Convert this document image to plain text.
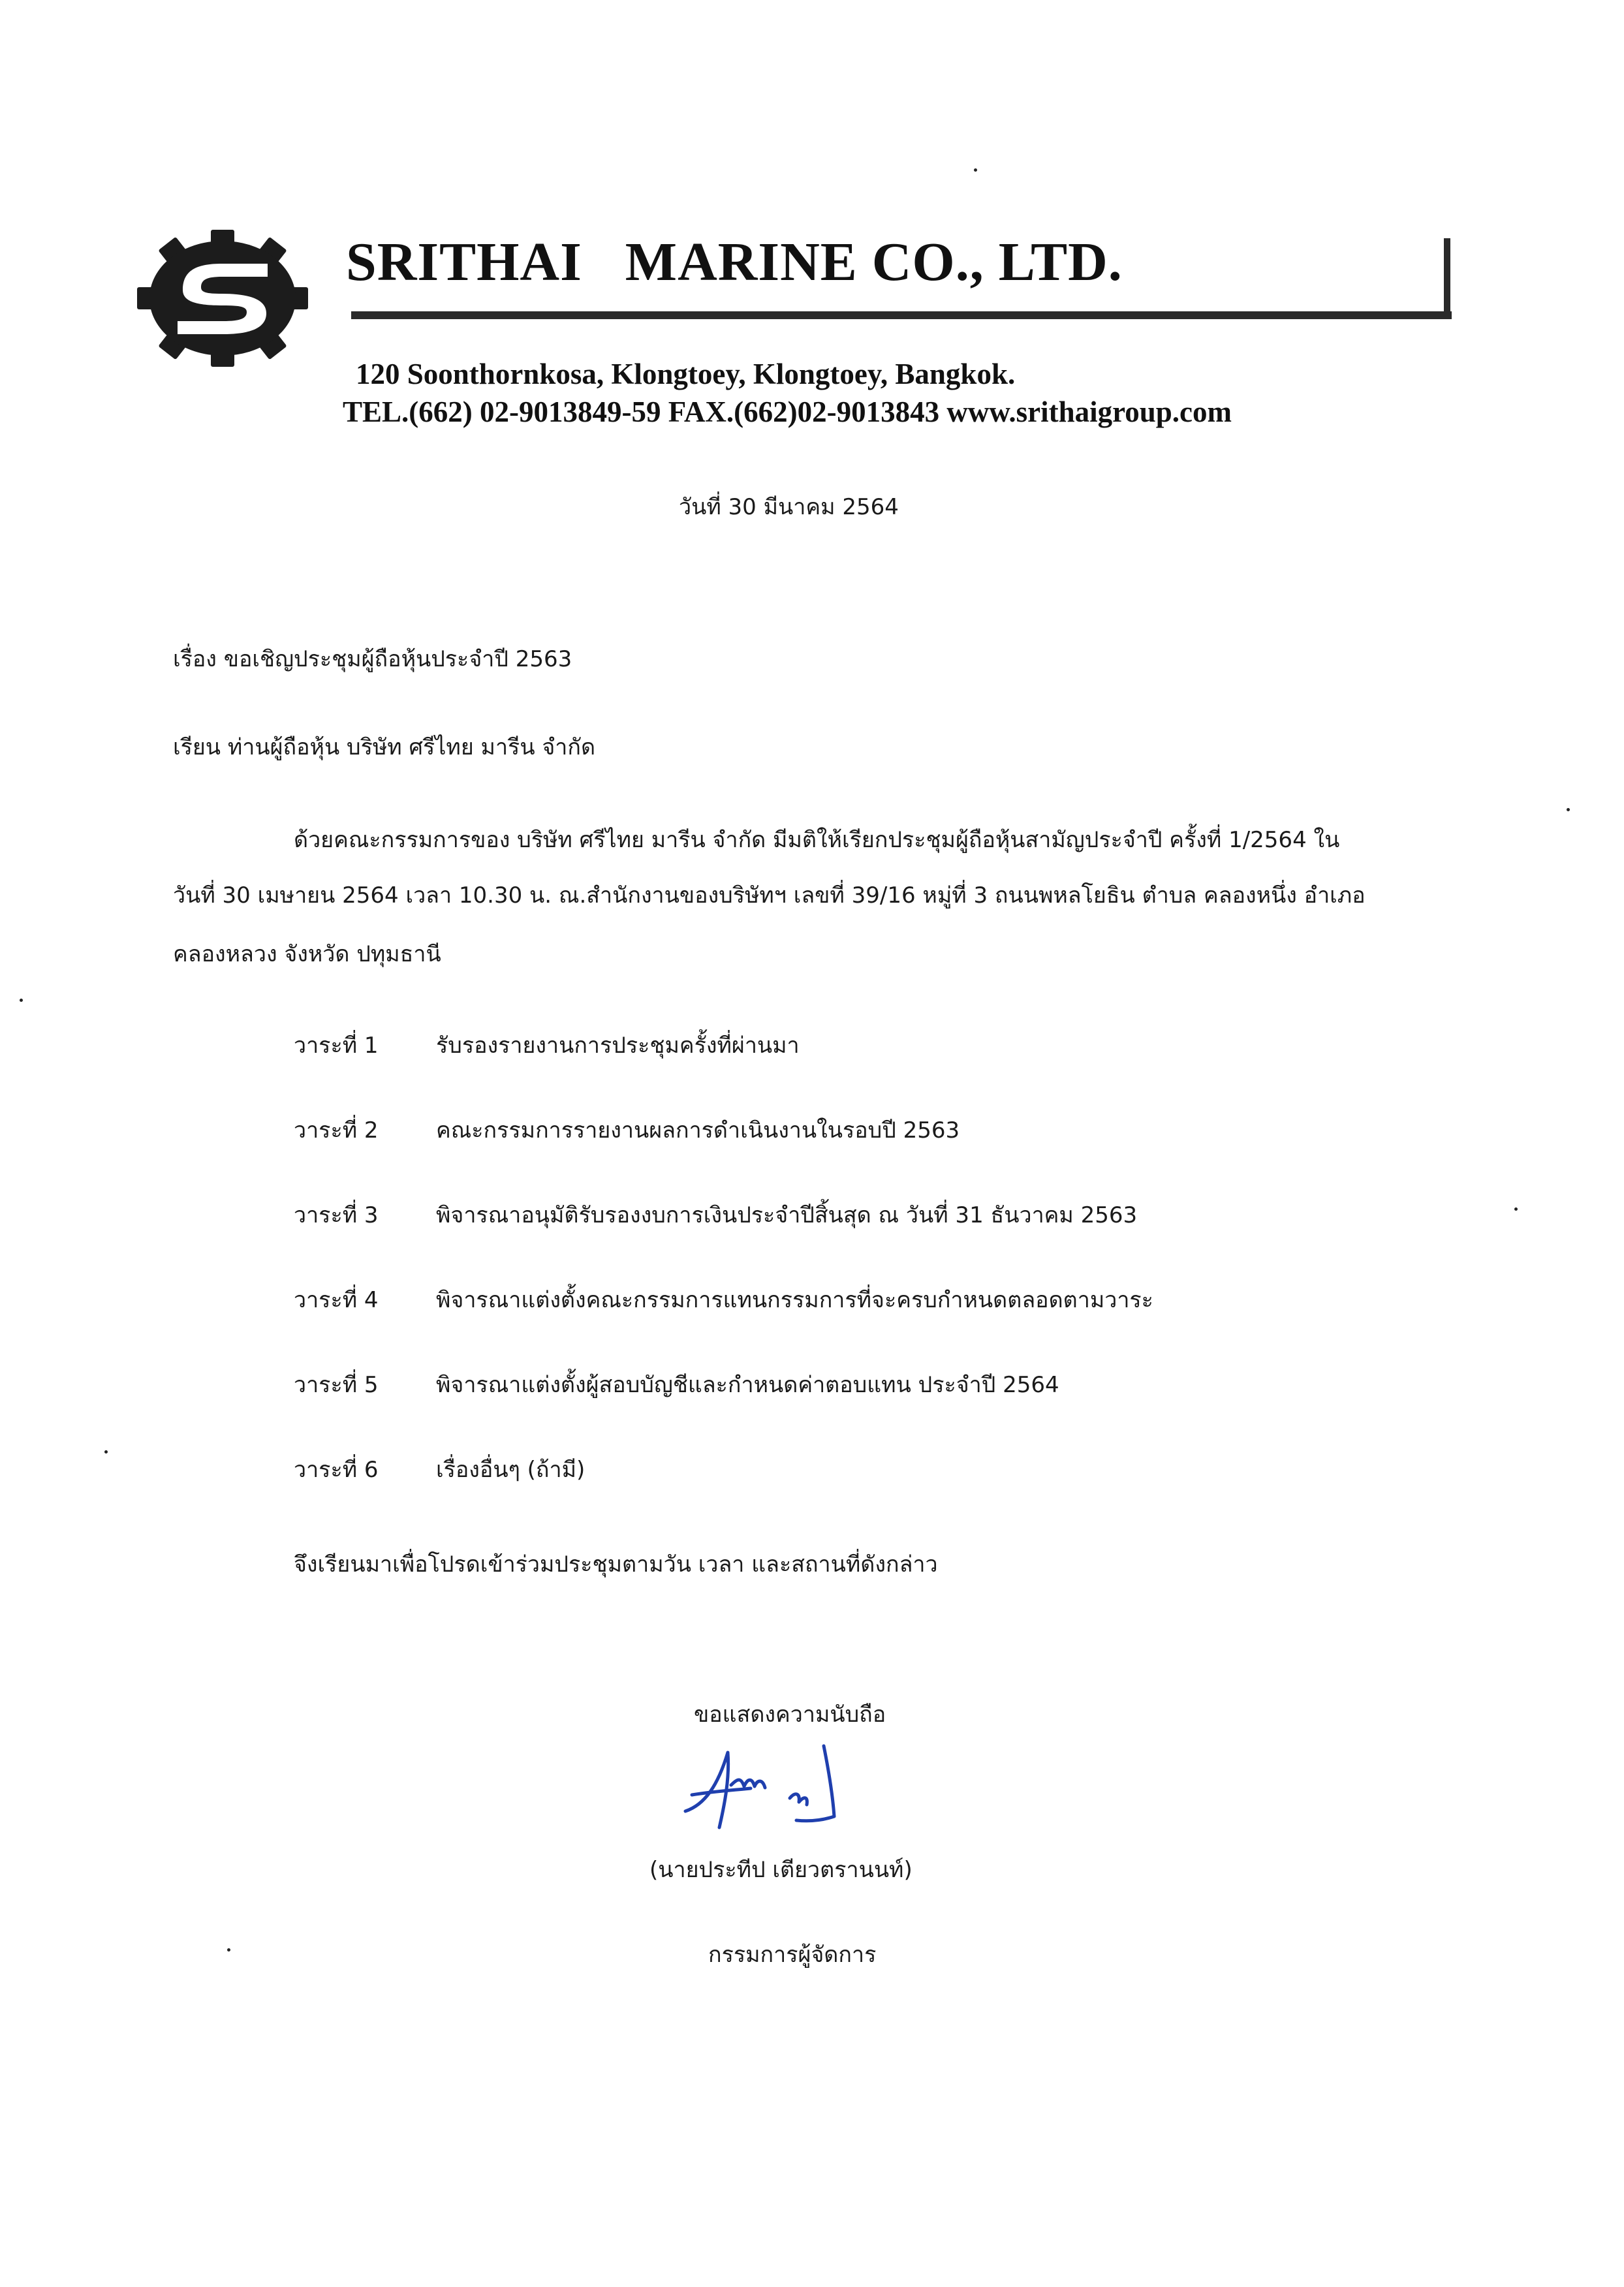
SRITHAI   MARINE CO., LTD.
120 Soonthornkosa, Klongtoey, Klongtoey, Bangkok.
TEL.(662) 02-9013849-59 FAX.(662)02-9013843 www.srithaigroup.com
วันที่ 30 มีนาคม 2564
เรื่อง ขอเชิญประชุมผู้ถือหุ้นประจำปี 2563
เรียน ท่านผู้ถือหุ้น บริษัท ศรีไทย มารีน จำกัด
ด้วยคณะกรรมการของ บริษัท ศรีไทย มารีน จำกัด มีมติให้เรียกประชุมผู้ถือหุ้นสามัญประจำปี ครั้งที่ 1/2564 ใน
วันที่ 30 เมษายน 2564 เวลา 10.30 น. ณ.สำนักงานของบริษัทฯ เลขที่ 39/16 หมู่ที่ 3 ถนนพหลโยธิน ตำบล คลองหนึ่ง อำเภอ
คลองหลวง จังหวัด ปทุมธานี
วาระที่ 1	รับรองรายงานการประชุมครั้งที่ผ่านมา
วาระที่ 2	คณะกรรมการรายงานผลการดำเนินงานในรอบปี 2563
วาระที่ 3	พิจารณาอนุมัติรับรองงบการเงินประจำปีสิ้นสุด ณ วันที่ 31 ธันวาคม 2563
วาระที่ 4	พิจารณาแต่งตั้งคณะกรรมการแทนกรรมการที่จะครบกำหนดตลอดตามวาระ
วาระที่ 5	พิจารณาแต่งตั้งผู้สอบบัญชีและกำหนดค่าตอบแทน ประจำปี 2564
วาระที่ 6	เรื่องอื่นๆ (ถ้ามี)
จึงเรียนมาเพื่อโปรดเข้าร่วมประชุมตามวัน เวลา และสถานที่ดังกล่าว
ขอแสดงความนับถือ
(นายประทีป เตียวตรานนท์)
กรรมการผู้จัดการ
